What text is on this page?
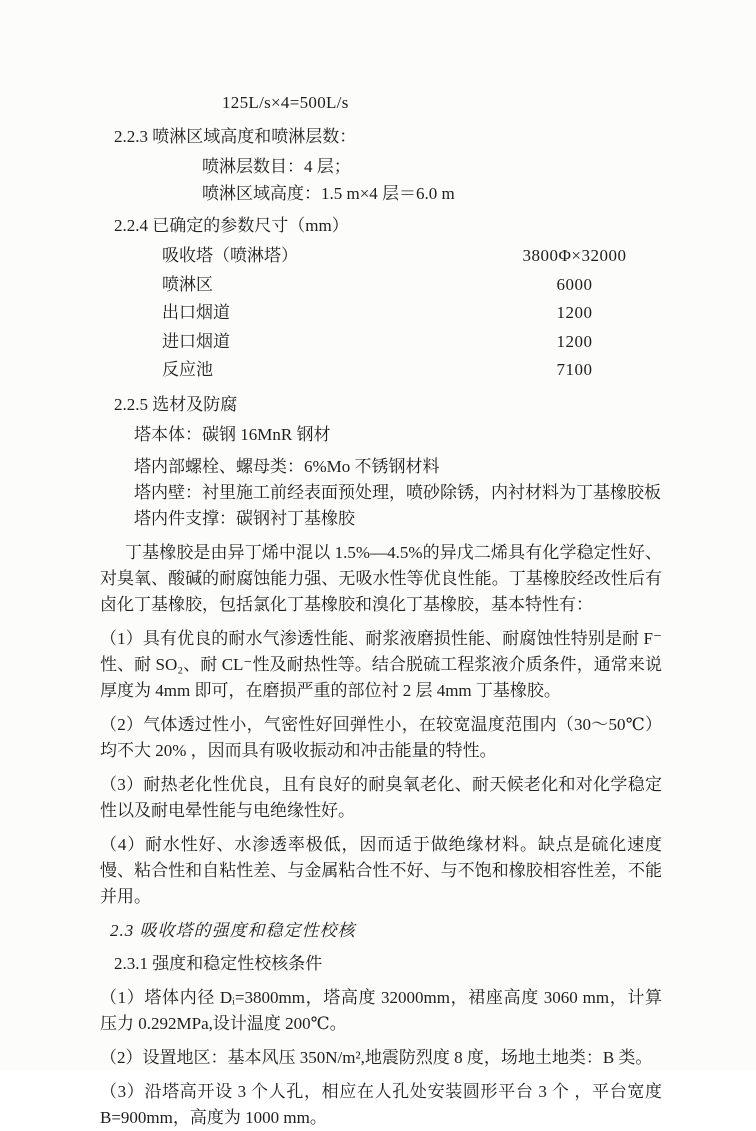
125L/s×4=500L/s
2.2.3 喷淋区域高度和喷淋层数：
喷淋层数目：4 层；
喷淋区域高度：1.5 m×4 层＝6.0 m
2.2.4 已确定的参数尺寸（mm）
吸收塔（喷淋塔）	3800Φ×32000
喷淋区	6000
出口烟道	1200
进口烟道	1200
反应池	7100
2.2.5 选材及防腐
塔本体：碳钢 16MnR 钢材
塔内部螺栓、螺母类：6%Mo 不锈钢材料
塔内壁：衬里施工前经表面预处理，喷砂除锈，内衬材料为丁基橡胶板
塔内件支撑：碳钢衬丁基橡胶
丁基橡胶是由异丁烯中混以 1.5%—4.5%的异戊二烯具有化学稳定性好、对臭氧、酸碱的耐腐蚀能力强、无吸水性等优良性能。丁基橡胶经改性后有卤化丁基橡胶，包括氯化丁基橡胶和溴化丁基橡胶，基本特性有：
（1）具有优良的耐水气渗透性能、耐浆液磨损性能、耐腐蚀性特别是耐 F⁻ 性、耐 SO₂、耐 CL⁻性及耐热性等。结合脱硫工程浆液介质条件，通常来说厚度为 4mm 即可，在磨损严重的部位衬 2 层 4mm 丁基橡胶。
（2）气体透过性小，气密性好回弹性小，在较宽温度范围内（30～50℃）均不大 20% ，因而具有吸收振动和冲击能量的特性。
（3）耐热老化性优良，且有良好的耐臭氧老化、耐天候老化和对化学稳定性以及耐电晕性能与电绝缘性好。
（4）耐水性好、水渗透率极低，因而适于做绝缘材料。缺点是硫化速度慢、粘合性和自粘性差、与金属粘合性不好、与不饱和橡胶相容性差，不能并用。
2.3 吸收塔的强度和稳定性校核
2.3.1 强度和稳定性校核条件
（1）塔体内径 Dᵢ=3800mm，塔高度 32000mm，裙座高度 3060 mm，计算压力 0.292MPa,设计温度 200℃。
（2）设置地区：基本风压 350N/m²,地震防烈度 8 度，场地土地类：B 类。
（3）沿塔高开设 3 个人孔，相应在人孔处安装圆形平台 3 个 ，平台宽度 B=900mm，高度为 1000 mm。
